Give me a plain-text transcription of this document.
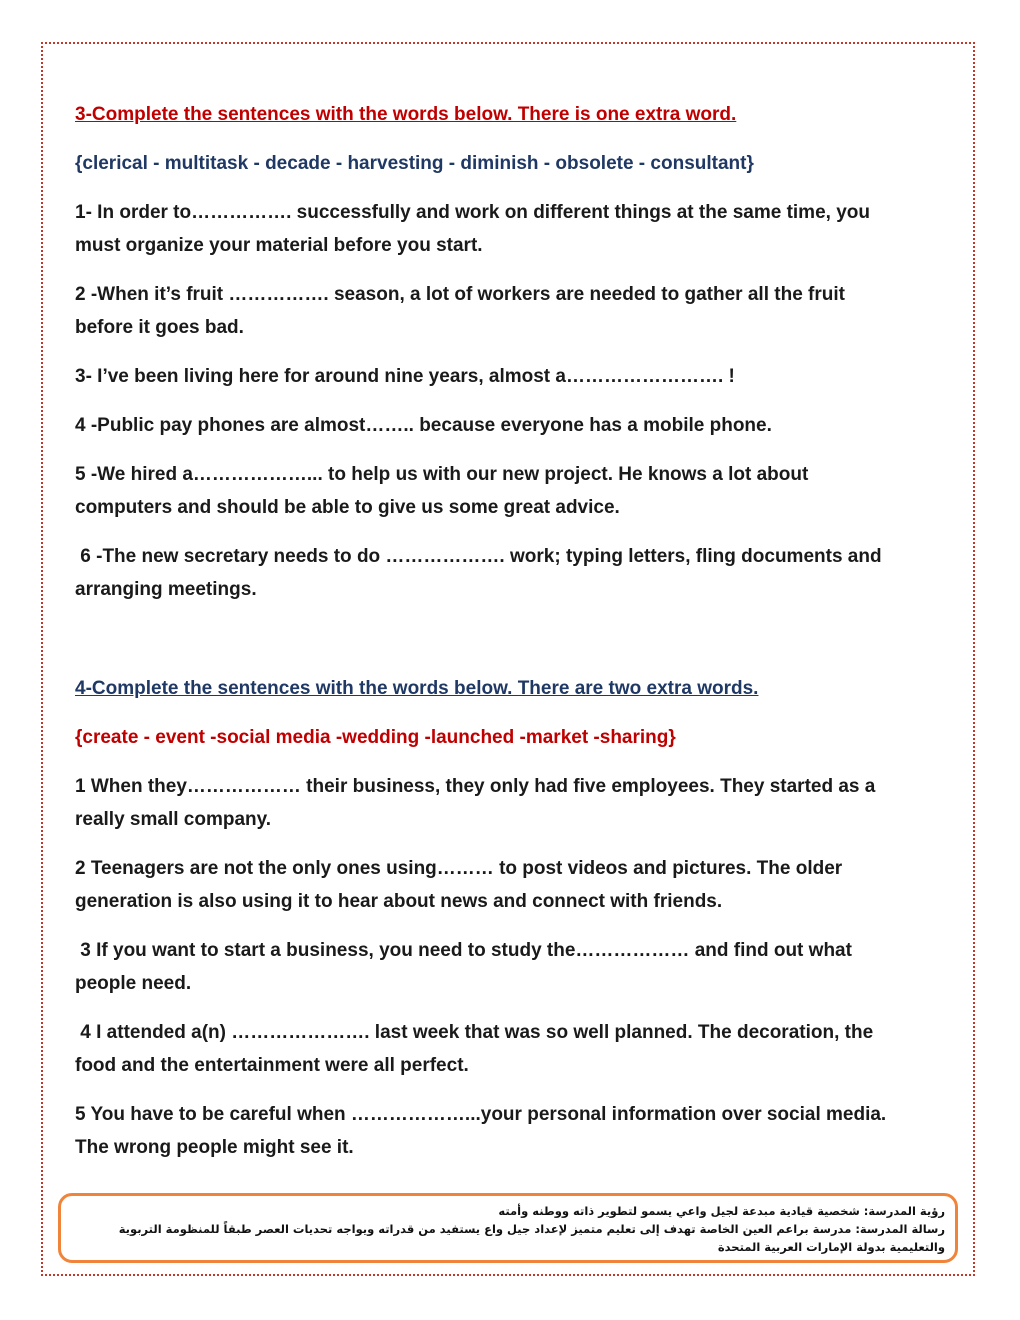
3-Complete the sentences with the words below. There is one extra word.

{clerical - multitask - decade - harvesting - diminish - obsolete - consultant}

1- In order to……………. successfully and work on different things at the same time, you must organize your material before you start.

2 -When it’s fruit ……………. season, a lot of workers are needed to gather all the fruit before it goes bad.

3- I’ve been living here for around nine years, almost a……………………. !

4 -Public pay phones are almost…….. because everyone has a mobile phone.

5 -We hired a………………... to help us with our new project. He knows a lot about computers and should be able to give us some great advice.

6 -The new secretary needs to do ………………. work; typing letters, fling documents and arranging meetings.

4-Complete the sentences with the words below. There are two extra words.

{create - event -social media -wedding -launched -market -sharing}

1 When they……………… their business, they only had five employees. They started as a really small company.

2 Teenagers are not the only ones using……… to post videos and pictures. The older generation is also using it to hear about news and connect with friends.

3 If you want to start a business, you need to study the……………… and find out what people need.

4 I attended a(n) …………………. last week that was so well planned. The decoration, the food and the entertainment were all perfect.

5 You have to be careful when ………………...your personal information over social media. The wrong people might see it.

رؤية المدرسة: شخصية قيادية مبدعة لجيل واعي يسمو لتطوير ذاته ووطنه وأمته

رسالة المدرسة: مدرسة براعم العين الخاصة تهدف إلى تعليم متميز لإعداد جيل واع يستفيد من قدراته ويواجه تحديات العصر طبقاً للمنظومة التربوية والتعليمية بدولة الإمارات العربية المتحدة
